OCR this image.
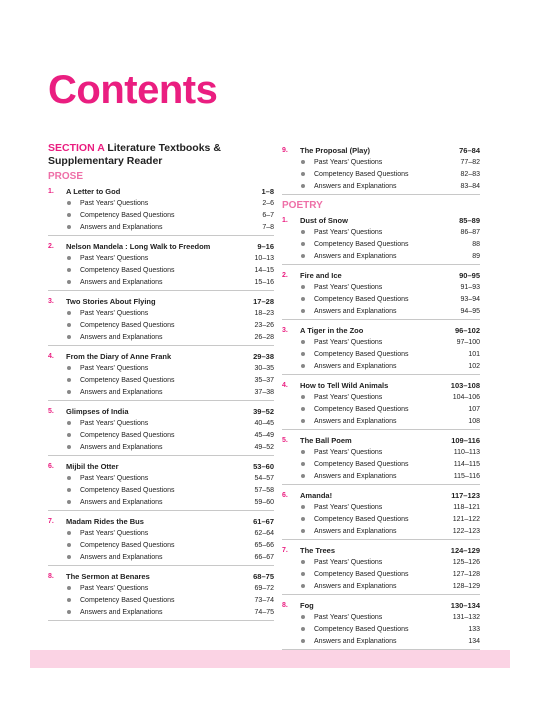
Contents
SECTION A Literature Textbooks & Supplementary Reader
PROSE
1.	A Letter to God	1–8
Past Years' Questions	2–6
Competency Based Questions	6–7
Answers and Explanations	7–8
2.	Nelson Mandela : Long Walk to Freedom	9–16
Past Years' Questions	10–13
Competency Based Questions	14–15
Answers and Explanations	15–16
3.	Two Stories About Flying	17–28
Past Years' Questions	18–23
Competency Based Questions	23–26
Answers and Explanations	26–28
4.	From the Diary of Anne Frank	29–38
Past Years' Questions	30–35
Competency Based Questions	35–37
Answers and Explanations	37–38
5.	Glimpses of India	39–52
Past Years' Questions	40–45
Competency Based Questions	45–49
Answers and Explanations	49–52
6.	Mijbil the Otter	53–60
Past Years' Questions	54–57
Competency Based Questions	57–58
Answers and Explanations	59–60
7.	Madam Rides the Bus	61–67
Past Years' Questions	62–64
Competency Based Questions	65–66
Answers and Explanations	66–67
8.	The Sermon at Benares	68–75
Past Years' Questions	69–72
Competency Based Questions	73–74
Answers and Explanations	74–75
9.	The Proposal (Play)	76–84
Past Years' Questions	77–82
Competency Based Questions	82–83
Answers and Explanations	83–84
POETRY
1.	Dust of Snow	85–89
Past Years' Questions	86–87
Competency Based Questions	88
Answers and Explanations	89
2.	Fire and Ice	90–95
Past Years' Questions	91–93
Competency Based Questions	93–94
Answers and Explanations	94–95
3.	A Tiger in the Zoo	96–102
Past Years' Questions	97–100
Competency Based Questions	101
Answers and Explanations	102
4.	How to Tell Wild Animals	103–108
Past Years' Questions	104–106
Competency Based Questions	107
Answers and Explanations	108
5.	The Ball Poem	109–116
Past Years' Questions	110–113
Competency Based Questions	114–115
Answers and Explanations	115–116
6.	Amanda!	117–123
Past Years' Questions	118–121
Competency Based Questions	121–122
Answers and Explanations	122–123
7.	The Trees	124–129
Past Years' Questions	125–126
Competency Based Questions	127–128
Answers and Explanations	128–129
8.	Fog	130–134
Past Years' Questions	131–132
Competency Based Questions	133
Answers and Explanations	134
